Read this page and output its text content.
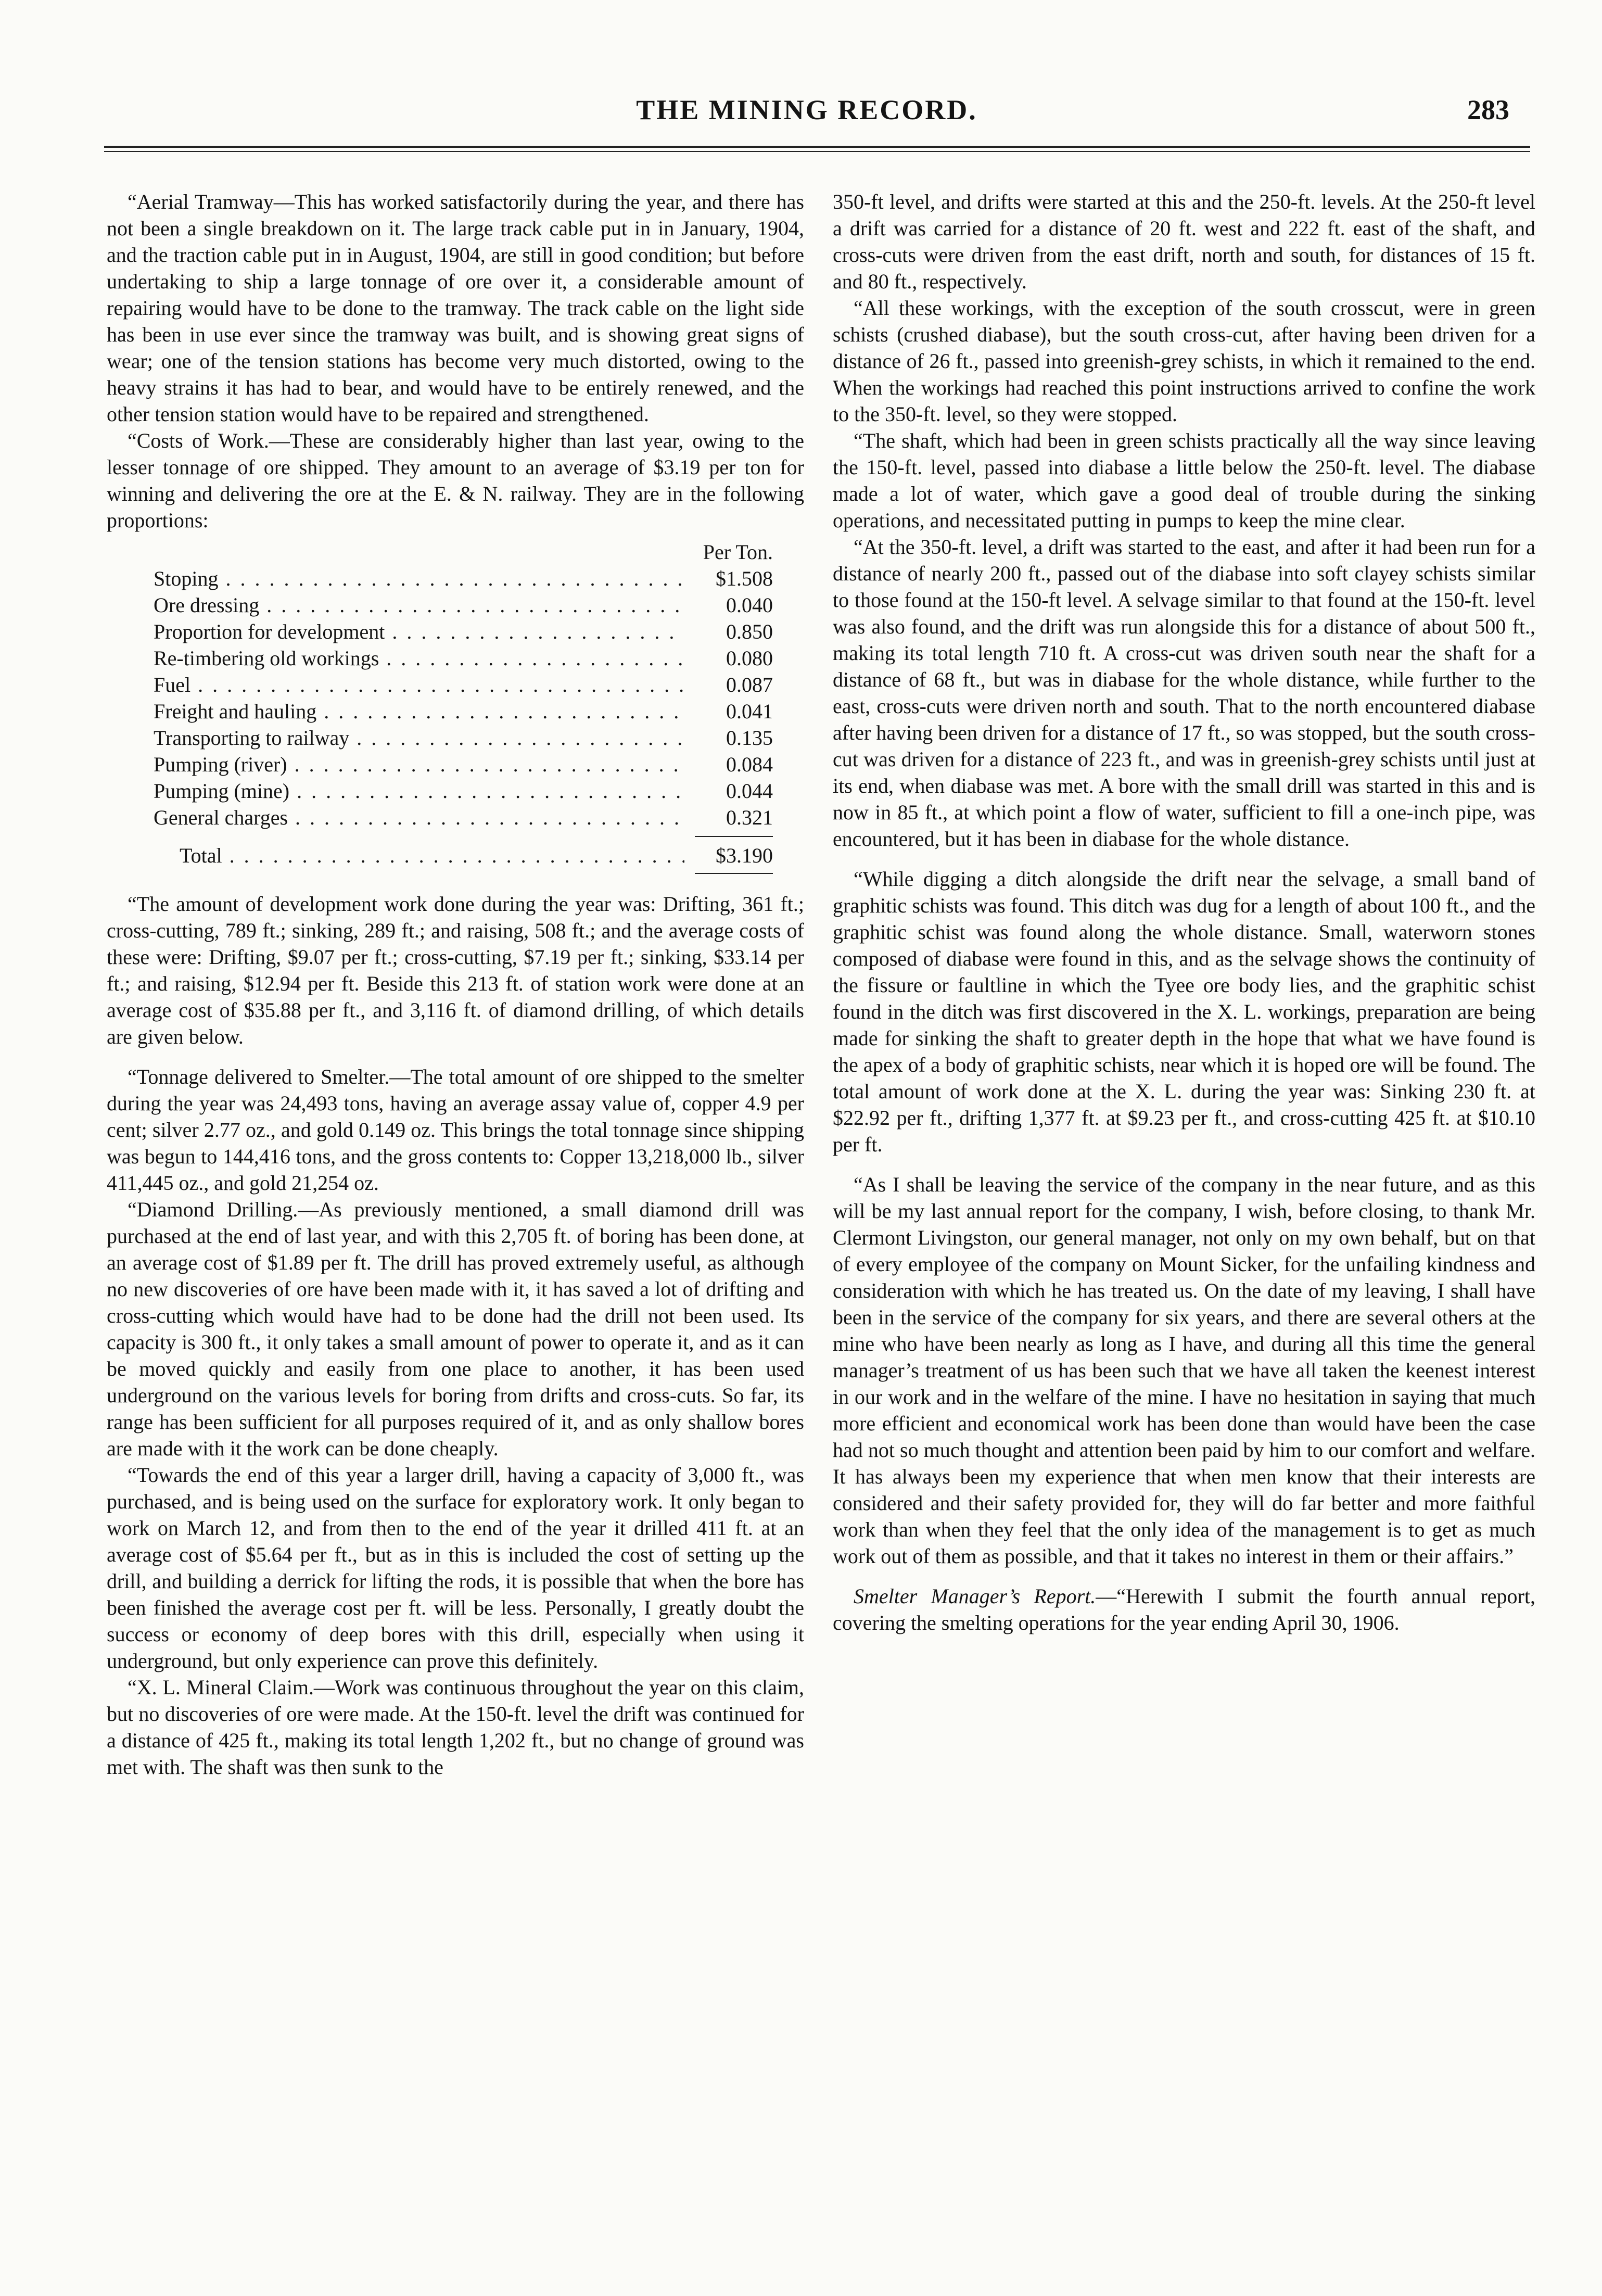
THE MINING RECORD.	283

“Aerial Tramway—This has worked satisfactorily during the year, and there has not been a single breakdown on it. The large track cable put in in January, 1904, and the traction cable put in in August, 1904, are still in good condition; but before undertaking to ship a large tonnage of ore over it, a considerable amount of repairing would have to be done to the tramway. The track cable on the light side has been in use ever since the tramway was built, and is showing great signs of wear; one of the tension stations has become very much distorted, owing to the heavy strains it has had to bear, and would have to be entirely renewed, and the other tension station would have to be repaired and strengthened.

“Costs of Work.—These are considerably higher than last year, owing to the lesser tonnage of ore shipped. They amount to an average of $3.19 per ton for winning and delivering the ore at the E. & N. railway. They are in the following proportions:

Per Ton.
Stoping . . .	$1.508
Ore dressing . . .	0.040
Proportion for development . . .	0.850
Re-timbering old workings . . .	0.080
Fuel . . .	0.087
Freight and hauling . . .	0.041
Transporting to railway . . .	0.135
Pumping (river) . . .	0.084
Pumping (mine) . . .	0.044
General charges . . .	0.321
Total . . .	$3.190

“The amount of development work done during the year was: Drifting, 361 ft.; cross-cutting, 789 ft.; sinking, 289 ft.; and raising, 508 ft.; and the average costs of these were: Drifting, $9.07 per ft.; cross-cutting, $7.19 per ft.; sinking, $33.14 per ft.; and raising, $12.94 per ft. Beside this 213 ft. of station work were done at an average cost of $35.88 per ft., and 3,116 ft. of diamond drilling, of which details are given below.

“Tonnage delivered to Smelter.—The total amount of ore shipped to the smelter during the year was 24,493 tons, having an average assay value of, copper 4.9 per cent; silver 2.77 oz., and gold 0.149 oz. This brings the total tonnage since shipping was begun to 144,416 tons, and the gross contents to: Copper 13,218,000 lb., silver 411,445 oz., and gold 21,254 oz.

“Diamond Drilling.—As previously mentioned, a small diamond drill was purchased at the end of last year, and with this 2,705 ft. of boring has been done, at an average cost of $1.89 per ft. The drill has proved extremely useful, as although no new discoveries of ore have been made with it, it has saved a lot of drifting and cross-cutting which would have had to be done had the drill not been used. Its capacity is 300 ft., it only takes a small amount of power to operate it, and as it can be moved quickly and easily from one place to another, it has been used underground on the various levels for boring from drifts and cross-cuts. So far, its range has been sufficient for all purposes required of it, and as only shallow bores are made with it the work can be done cheaply.

“Towards the end of this year a larger drill, having a capacity of 3,000 ft., was purchased, and is being used on the surface for exploratory work. It only began to work on March 12, and from then to the end of the year it drilled 411 ft. at an average cost of $5.64 per ft., but as in this is included the cost of setting up the drill, and building a derrick for lifting the rods, it is possible that when the bore has been finished the average cost per ft. will be less. Personally, I greatly doubt the success or economy of deep bores with this drill, especially when using it underground, but only experience can prove this definitely.

“X. L. Mineral Claim.—Work was continuous throughout the year on this claim, but no discoveries of ore were made. At the 150-ft. level the drift was continued for a distance of 425 ft., making its total length 1,202 ft., but no change of ground was met with. The shaft was then sunk to the

350-ft level, and drifts were started at this and the 250-ft. levels. At the 250-ft level a drift was carried for a distance of 20 ft. west and 222 ft. east of the shaft, and cross-cuts were driven from the east drift, north and south, for distances of 15 ft. and 80 ft., respectively.

“All these workings, with the exception of the south crosscut, were in green schists (crushed diabase), but the south cross-cut, after having been driven for a distance of 26 ft., passed into greenish-grey schists, in which it remained to the end. When the workings had reached this point instructions arrived to confine the work to the 350-ft. level, so they were stopped.

“The shaft, which had been in green schists practically all the way since leaving the 150-ft. level, passed into diabase a little below the 250-ft. level. The diabase made a lot of water, which gave a good deal of trouble during the sinking operations, and necessitated putting in pumps to keep the mine clear.

“At the 350-ft. level, a drift was started to the east, and after it had been run for a distance of nearly 200 ft., passed out of the diabase into soft clayey schists similar to those found at the 150-ft level. A selvage similar to that found at the 150-ft. level was also found, and the drift was run alongside this for a distance of about 500 ft., making its total length 710 ft. A cross-cut was driven south near the shaft for a distance of 68 ft., but was in diabase for the whole distance, while further to the east, cross-cuts were driven north and south. That to the north encountered diabase after having been driven for a distance of 17 ft., so was stopped, but the south cross-cut was driven for a distance of 223 ft., and was in greenish-grey schists until just at its end, when diabase was met. A bore with the small drill was started in this and is now in 85 ft., at which point a flow of water, sufficient to fill a one-inch pipe, was encountered, but it has been in diabase for the whole distance.

“While digging a ditch alongside the drift near the selvage, a small band of graphitic schists was found. This ditch was dug for a length of about 100 ft., and the graphitic schist was found along the whole distance. Small, waterworn stones composed of diabase were found in this, and as the selvage shows the continuity of the fissure or faultline in which the Tyee ore body lies, and the graphitic schist found in the ditch was first discovered in the X. L. workings, preparation are being made for sinking the shaft to greater depth in the hope that what we have found is the apex of a body of graphitic schists, near which it is hoped ore will be found. The total amount of work done at the X. L. during the year was: Sinking 230 ft. at $22.92 per ft., drifting 1,377 ft. at $9.23 per ft., and cross-cutting 425 ft. at $10.10 per ft.

“As I shall be leaving the service of the company in the near future, and as this will be my last annual report for the company, I wish, before closing, to thank Mr. Clermont Livingston, our general manager, not only on my own behalf, but on that of every employee of the company on Mount Sicker, for the unfailing kindness and consideration with which he has treated us. On the date of my leaving, I shall have been in the service of the company for six years, and there are several others at the mine who have been nearly as long as I have, and during all this time the general manager’s treatment of us has been such that we have all taken the keenest interest in our work and in the welfare of the mine. I have no hesitation in saying that much more efficient and economical work has been done than would have been the case had not so much thought and attention been paid by him to our comfort and welfare. It has always been my experience that when men know that their interests are considered and their safety provided for, they will do far better and more faithful work than when they feel that the only idea of the management is to get as much work out of them as possible, and that it takes no interest in them or their affairs.”

Smelter Manager’s Report.—“Herewith I submit the fourth annual report, covering the smelting operations for the year ending April 30, 1906.
